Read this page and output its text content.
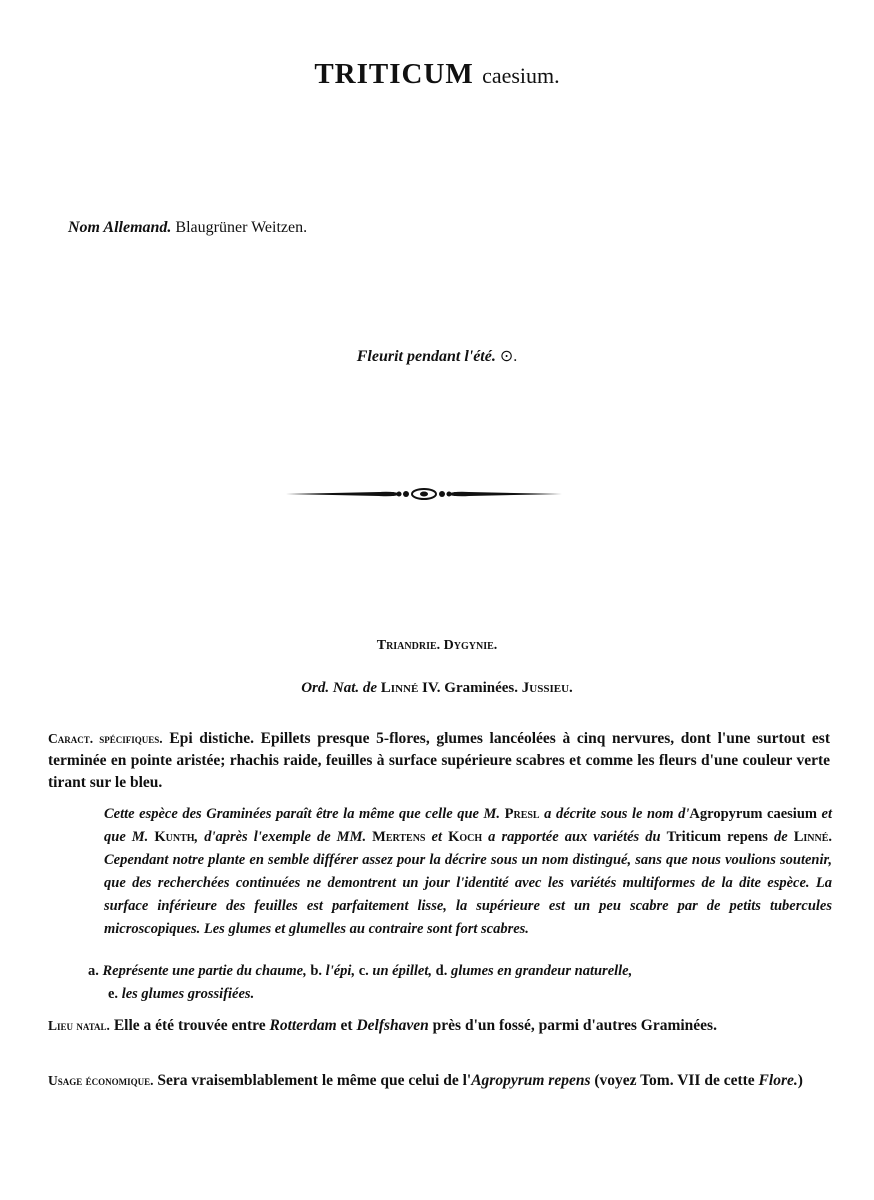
TRITICUM caesium.
Nom Allemand. Blaugrüner Weitzen.
Fleurit pendant l'été. ⊙.
Triandrie. Dygynie.
Ord. Nat. de Linné IV. Graminées. Jussieu.
Caract. spécifiques. Epi distiche. Epillets presque 5-flores, glumes lancéolées à cinq nervures, dont l'une surtout est terminée en pointe aristée; rhachis raide, feuilles à surface supérieure scabres et comme les fleurs d'une couleur verte tirant sur le bleu.
Cette espèce des Graminées paraît être la même que celle que M. Presl a décrite sous le nom d'Agropyrum caesium et que M. Kunth, d'après l'exemple de MM. Mertens et Koch a rapportée aux variétés du Triticum repens de Linné. Cependant notre plante en semble différer assez pour la décrire sous un nom distingué, sans que nous voulions soutenir, que des recherchées continuées ne demontrent un jour l'identité avec les variétés multiformes de la dite espèce. La surface inférieure des feuilles est parfaitement lisse, la supérieure est un peu scabre par de petits tubercules microscopiques. Les glumes et glumelles au contraire sont fort scabres.
a. Représente une partie du chaume, b. l'épi, c. un épillet, d. glumes en grandeur naturelle,
e. les glumes grossifiées.
Lieu natal. Elle a été trouvée entre Rotterdam et Delfshaven près d'un fossé, parmi d'autres Graminées.
Usage économique. Sera vraisemblablement le même que celui de l'Agropyrum repens (voyez Tom. VII de cette Flore.)
